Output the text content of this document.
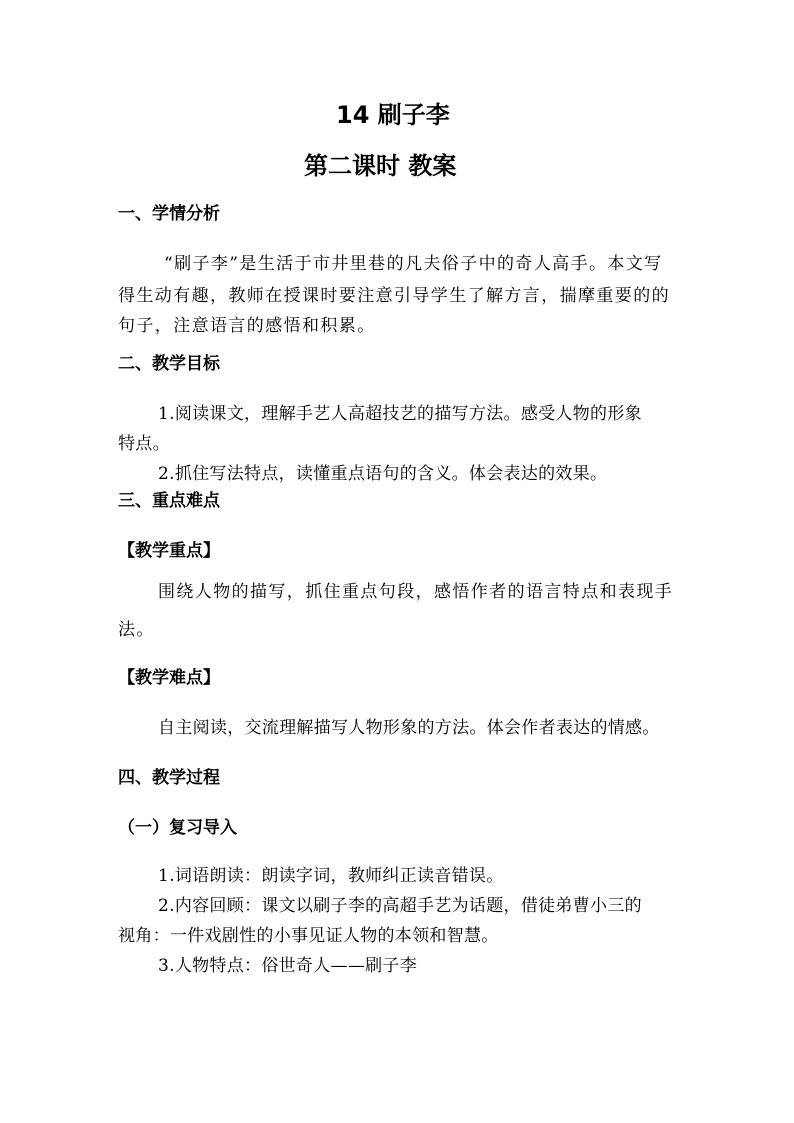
14 刷子李
第二课时 教案
一、学情分析
“刷子李”是生活于市井里巷的凡夫俗子中的奇人高手。本文写
得生动有趣，教师在授课时要注意引导学生了解方言，揣摩重要的的
句子，注意语言的感悟和积累。
二、教学目标
1.阅读课文，理解手艺人高超技艺的描写方法。感受人物的形象
特点。
2.抓住写法特点，读懂重点语句的含义。体会表达的效果。
三、重点难点
【教学重点】
围绕人物的描写，抓住重点句段，感悟作者的语言特点和表现手
法。
【教学难点】
自主阅读，交流理解描写人物形象的方法。体会作者表达的情感。
四、教学过程
（一）复习导入
1.词语朗读：朗读字词，教师纠正读音错误。
2.内容回顾：课文以刷子李的高超手艺为话题，借徒弟曹小三的
视角：一件戏剧性的小事见证人物的本领和智慧。
3.人物特点：俗世奇人——刷子李
